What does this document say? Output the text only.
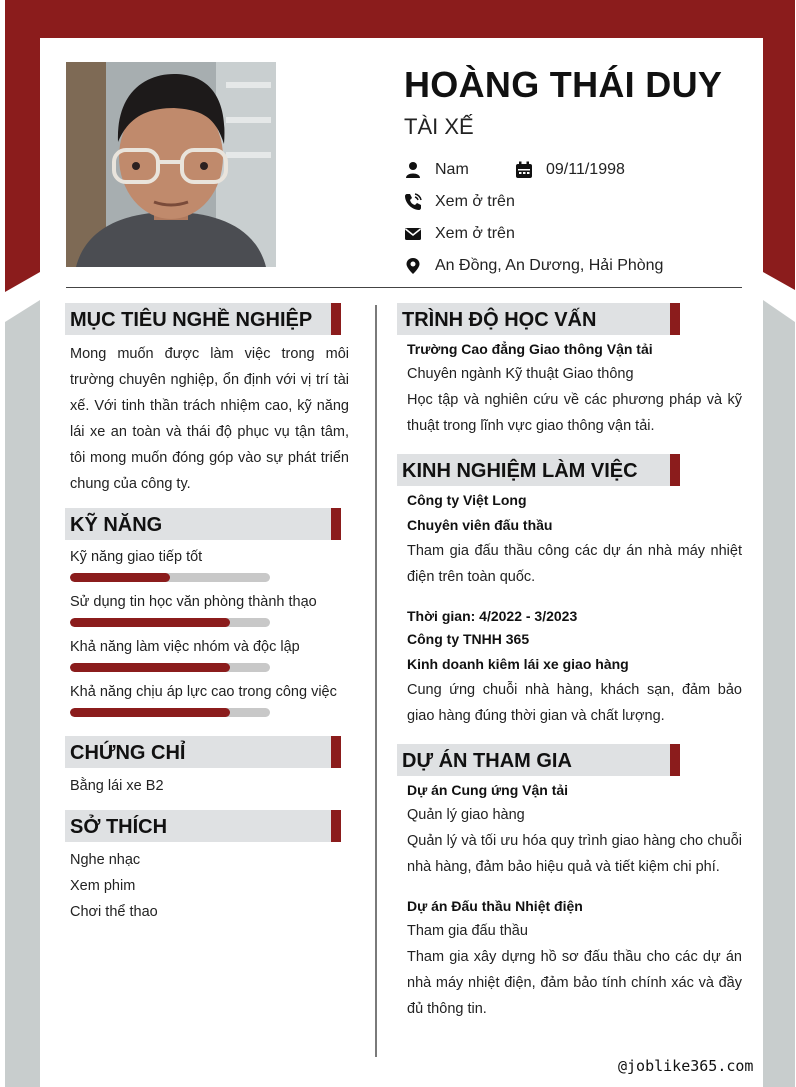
HOÀNG THÁI DUY
TÀI XẾ
Nam	09/11/1998
Xem ở trên
Xem ở trên
An Đồng, An Dương, Hải Phòng
MỤC TIÊU NGHỀ NGHIỆP
Mong muốn được làm việc trong môi trường chuyên nghiệp, ổn định với vị trí tài xế. Với tinh thần trách nhiệm cao, kỹ năng lái xe an toàn và thái độ phục vụ tận tâm, tôi mong muốn đóng góp vào sự phát triển chung của công ty.
KỸ NĂNG
Kỹ năng giao tiếp tốt
Sử dụng tin học văn phòng thành thạo
Khả năng làm việc nhóm và độc lập
Khả năng chịu áp lực cao trong công việc
CHỨNG CHỈ
Bằng lái xe B2
SỞ THÍCH
Nghe nhạc
Xem phim
Chơi thể thao
TRÌNH ĐỘ HỌC VẤN
Trường Cao đẳng Giao thông Vận tải
Chuyên ngành Kỹ thuật Giao thông
Học tập và nghiên cứu về các phương pháp và kỹ thuật trong lĩnh vực giao thông vận tải.
KINH NGHIỆM LÀM VIỆC
Công ty Việt Long
Chuyên viên đấu thầu
Tham gia đấu thầu công các dự án nhà máy nhiệt điện trên toàn quốc.
Thời gian: 4/2022 - 3/2023
Công ty TNHH 365
Kinh doanh kiêm lái xe giao hàng
Cung ứng chuỗi nhà hàng, khách sạn, đảm bảo giao hàng đúng thời gian và chất lượng.
DỰ ÁN THAM GIA
Dự án Cung ứng Vận tải
Quản lý giao hàng
Quản lý và tối ưu hóa quy trình giao hàng cho chuỗi nhà hàng, đảm bảo hiệu quả và tiết kiệm chi phí.
Dự án Đấu thầu Nhiệt điện
Tham gia đấu thầu
Tham gia xây dựng hồ sơ đấu thầu cho các dự án nhà máy nhiệt điện, đảm bảo tính chính xác và đầy đủ thông tin.
@joblike365.com
